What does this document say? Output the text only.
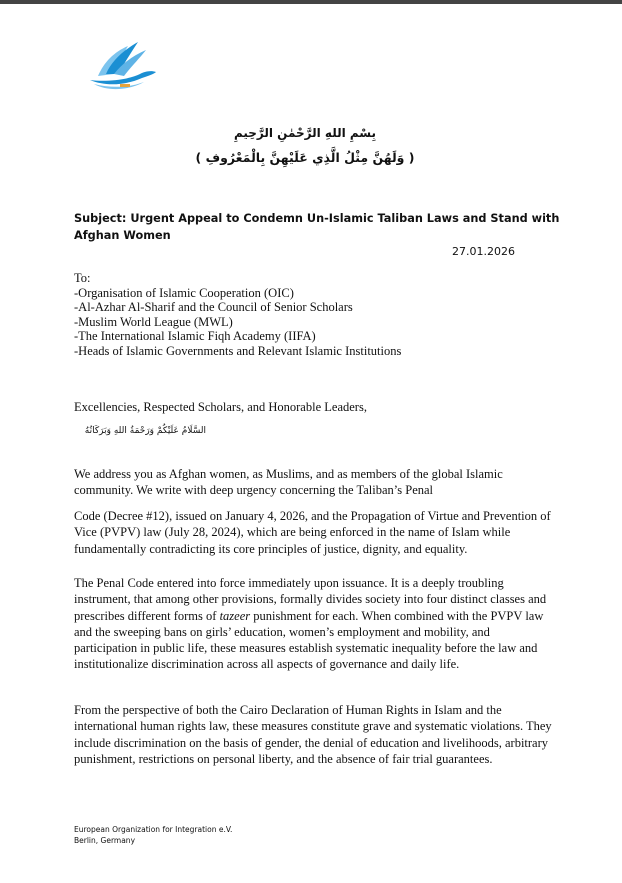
بِسْمِ اللهِ الرَّحْمٰنِ الرَّحِيمِ
( وَلَهُنَّ مِثْلُ الَّذِي عَلَيْهِنَّ بِالْمَعْرُوفِ )
Subject: Urgent Appeal to Condemn Un-Islamic Taliban Laws and Stand with Afghan Women
27.01.2026
To:
-Organisation of Islamic Cooperation (OIC)
-Al-Azhar Al-Sharif and the Council of Senior Scholars
-Muslim World League (MWL)
-The International Islamic Fiqh Academy (IIFA)
-Heads of Islamic Governments and Relevant Islamic Institutions
Excellencies, Respected Scholars, and Honorable Leaders,
السَّلَامُ عَلَيْكُمْ وَرَحْمَةُ اللهِ وَبَرَكَاتُهُ

We address you as Afghan women, as Muslims, and as members of the global Islamic community. We write with deep urgency concerning the Taliban’s Penal

Code (Decree #12), issued on January 4, 2026, and the Propagation of Virtue and Prevention of Vice (PVPV) law (July 28, 2024), which are being enforced in the name of Islam while fundamentally contradicting its core principles of justice, dignity, and equality.

The Penal Code entered into force immediately upon issuance. It is a deeply troubling instrument, that among other provisions, formally divides society into four distinct classes and prescribes different forms of tazeer punishment for each. When combined with the PVPV law and the sweeping bans on girls’ education, women’s employment and mobility, and participation in public life, these measures establish systematic inequality before the law and institutionalize discrimination across all aspects of governance and daily life.

From the perspective of both the Cairo Declaration of Human Rights in Islam and the international human rights law, these measures constitute grave and systematic violations. They include discrimination on the basis of gender, the denial of education and livelihoods, arbitrary punishment, restrictions on personal liberty, and the absence of fair trial guarantees.

European Organization for Integration e.V.
Berlin, Germany
